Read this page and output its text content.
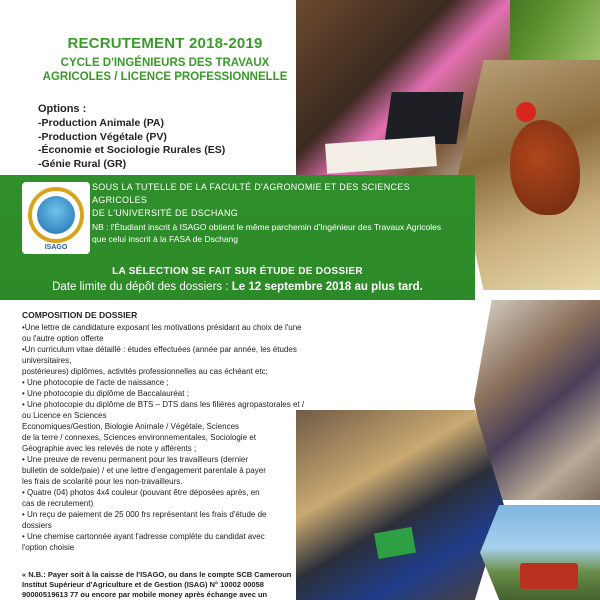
RECRUTEMENT 2018-2019
CYCLE D'INGÉNIEURS DES TRAVAUX
AGRICOLES / LICENCE PROFESSIONNELLE
Options :
-Production Animale (PA)
-Production Végétale (PV)
-Économie et Sociologie Rurales (ES)
-Génie Rural (GR)
ISAGO
SOUS LA TUTELLE DE LA FACULTÉ D'AGRONOMIE ET DES SCIENCES AGRICOLES
DE L'UNIVERSITÉ DE DSCHANG
NB : l'Étudiant inscrit à ISAGO obtient le même parchemin d'Ingénieur des Travaux Agricoles
que celui inscrit à la FASA de Dschang
LA SÉLECTION SE FAIT SUR ÉTUDE DE DOSSIER
Date limite du dépôt des dossiers : Le 12 septembre 2018 au plus tard.
COMPOSITION DE DOSSIER
•Une lettre de candidature exposant les motivations présidant au choix de l'une ou l'autre option offerte
•Un curriculum vitae détaillé : études effectuées (année par année, les études universitaires,
postérieures) diplômes, activités professionnelles au cas échéant etc;
• Une photocopie de l'acte de naissance ;
• Une photocopie du diplôme de Baccalauréat ;
• Une photocopie du diplôme de BTS – DTS dans les filières agropastorales et / ou Licence en Sciences
Economiques/Gestion, Biologie Animale / Végétale, Sciences
de la terre / connexes, Sciences environnementales, Sociologie et
Géographie avec les relevés de note y afférents ;
• Une preuve de revenu permanent pour les travailleurs (dernier
bulletin de solde/paie) / et une lettre d'engagement parentale à payer
les frais de scolarité pour les non-travailleurs.
• Quatre (04) photos 4x4 couleur (pouvant être déposées après, en
cas de recrutement)
• Un reçu de paiement de 25 000 frs représentant les frais d'étude de
dossiers
• Une chemise cartonnée ayant l'adresse complète du candidat avec
l'option choisie
« N.B.: Payer soit à la caisse de l'ISAGO, ou dans le compte SCB Cameroun
Institut Supérieur d'Agriculture et de Gestion (ISAG) N° 10002 00058
90000519613 77 ou encore par mobile money après échange avec un
